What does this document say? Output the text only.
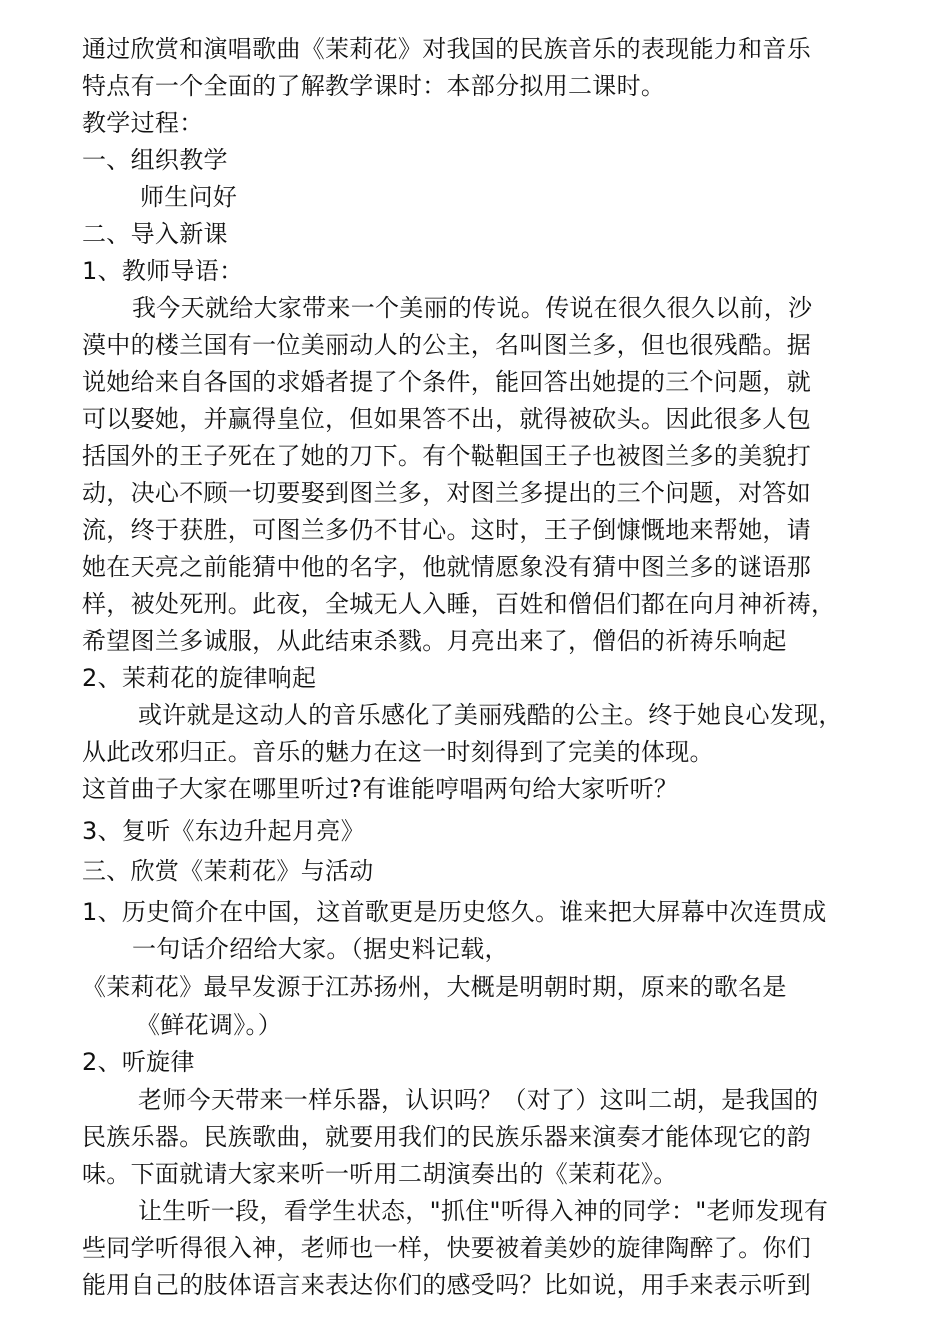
通过欣赏和演唱歌曲《茉莉花》对我国的民族音乐的表现能力和音乐
特点有一个全面的了解教学课时：本部分拟用二课时。
教学过程：
一、组织教学
师生问好
二、导入新课
1、教师导语：
我今天就给大家带来一个美丽的传说。传说在很久很久以前，沙
漠中的楼兰国有一位美丽动人的公主，名叫图兰多，但也很残酷。据
说她给来自各国的求婚者提了个条件，能回答出她提的三个问题，就
可以娶她，并赢得皇位，但如果答不出，就得被砍头。因此很多人包
括国外的王子死在了她的刀下。有个鞑靼国王子也被图兰多的美貌打
动，决心不顾一切要娶到图兰多，对图兰多提出的三个问题，对答如
流，终于获胜，可图兰多仍不甘心。这时，王子倒慷慨地来帮她，请
她在天亮之前能猜中他的名字，他就情愿象没有猜中图兰多的谜语那
样，被处死刑。此夜，全城无人入睡，百姓和僧侣们都在向月神祈祷，
希望图兰多诚服，从此结束杀戮。月亮出来了，僧侣的祈祷乐响起
2、茉莉花的旋律响起
或许就是这动人的音乐感化了美丽残酷的公主。终于她良心发现，
从此改邪归正。音乐的魅力在这一时刻得到了完美的体现。
这首曲子大家在哪里听过?有谁能哼唱两句给大家听听？
3、复听《东边升起月亮》
三、欣赏《茉莉花》与活动
1、历史简介在中国，这首歌更是历史悠久。谁来把大屏幕中次连贯成
一句话介绍给大家。（据史料记载，
《茉莉花》最早发源于江苏扬州，大概是明朝时期，原来的歌名是
《鲜花调》。）
2、听旋律
老师今天带来一样乐器，认识吗？（对了）这叫二胡，是我国的
民族乐器。民族歌曲，就要用我们的民族乐器来演奏才能体现它的韵
味。下面就请大家来听一听用二胡演奏出的《茉莉花》。
让生听一段，看学生状态，"抓住"听得入神的同学："老师发现有
些同学听得很入神，老师也一样，快要被着美妙的旋律陶醉了。你们
能用自己的肢体语言来表达你们的感受吗？比如说，用手来表示听到
